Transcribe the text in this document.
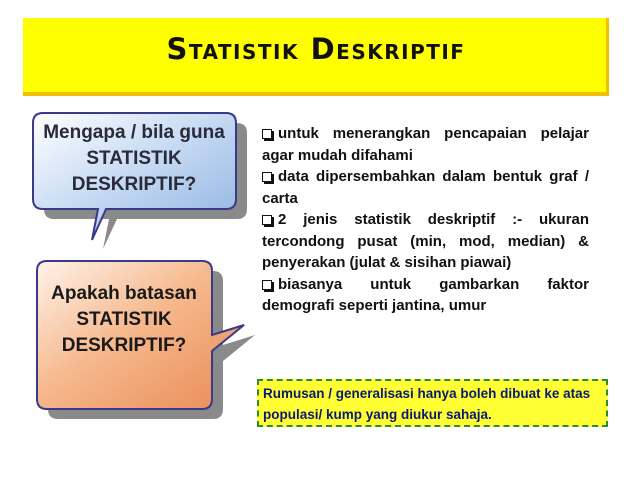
Statistik Deskriptif
Mengapa / bila guna STATISTIK DESKRIPTIF?
Apakah batasan STATISTIK DESKRIPTIF?

untuk menerangkan pencapaian pelajar agar mudah difahami

data dipersembahkan dalam bentuk graf / carta

2 jenis statistik deskriptif :- ukuran tercondong pusat (min, mod, median) & penyerakan (julat & sisihan piawai)

biasanya untuk gambarkan faktor demografi seperti jantina, umur

Rumusan / generalisasi hanya boleh dibuat ke atas populasi/ kump yang diukur sahaja.
